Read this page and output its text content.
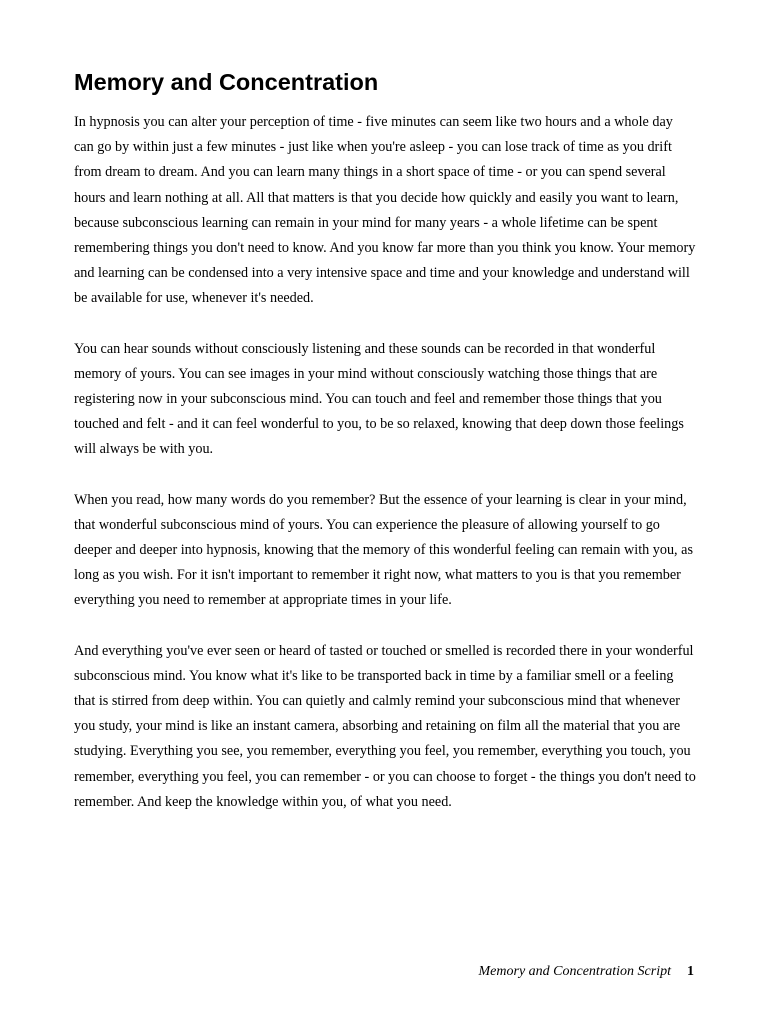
Memory and Concentration

In hypnosis you can alter your perception of time - five minutes can seem like two hours and a whole day can go by within just a few minutes - just like when you're asleep - you can lose track of time as you drift from dream to dream. And you can learn many things in a short space of time - or you can spend several hours and learn nothing at all. All that matters is that you decide how quickly and easily you want to learn, because subconscious learning can remain in your mind for many years - a whole lifetime can be spent remembering things you don't need to know. And you know far more than you think you know. Your memory and learning can be condensed into a very intensive space and time and your knowledge and understand will be available for use, whenever it's needed.

You can hear sounds without consciously listening and these sounds can be recorded in that wonderful memory of yours. You can see images in your mind without consciously watching those things that are registering now in your subconscious mind. You can touch and feel and remember those things that you touched and felt - and it can feel wonderful to you, to be so relaxed, knowing that deep down those feelings will always be with you.

When you read, how many words do you remember? But the essence of your learning is clear in your mind, that wonderful subconscious mind of yours. You can experience the pleasure of allowing yourself to go deeper and deeper into hypnosis, knowing that the memory of this wonderful feeling can remain with you, as long as you wish. For it isn't important to remember it right now, what matters to you is that you remember everything you need to remember at appropriate times in your life.

And everything you've ever seen or heard of tasted or touched or smelled is recorded there in your wonderful subconscious mind. You know what it's like to be transported back in time by a familiar smell or a feeling that is stirred from deep within. You can quietly and calmly remind your subconscious mind that whenever you study, your mind is like an instant camera, absorbing and retaining on film all the material that you are studying. Everything you see, you remember, everything you feel, you remember, everything you touch, you remember, everything you feel, you can remember - or you can choose to forget - the things you don't need to remember. And keep the knowledge within you, of what you need.

Memory and Concentration Script 1
